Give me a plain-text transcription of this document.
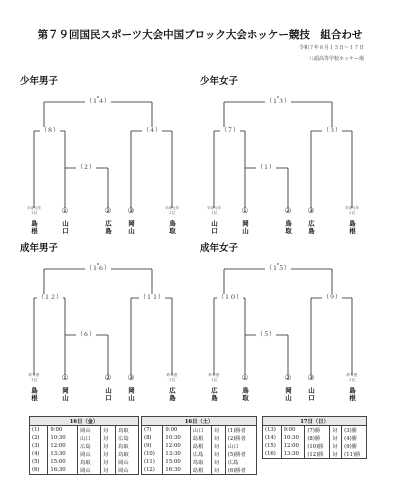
第７９回国民スポーツ大会中国ブロック大会ホッケー競技　組合わせ
令和７年８月１５日～１７日
八頭高等学校ホッケー場
少年男子
（１４）
（８）	（４）
（２）
平成元年
１位
平成元年
２位
①	② ③
島根	山口	広島 岡山	鳥取
少年女子
（１３）
（７）	（３）
（１）
平成元年
１位
平成元年
２位
①	② ③
山口	岡山	鳥取 広島	島根
成年男子
（１６）
（１２）	（１１）
（６）
昨年度
１位
昨年度
２位
①	② ③
島根	岡山	山口 岡山	広島
成年女子
（１５）
（１０）	（９）
（５）
昨年度
１位
昨年度
２位
①	② ③
広島	鳥取	岡山 山口	島根
16日（金）				
(1)	9:00	岡山	対	鳥取
(2)	10:30	山口	対	広島
(3)	12:00	広島	対	鳥取
(4)	13:30	岡山	対	鳥取
(5)	15:00	鳥取	対	岡山
(6)	16:30	岡山	対	岡山
16日（土）				
(7)	9:00	山口	対	(1)勝者
(8)	10:30	島根	対	(2)勝者
(9)	12:00	島根	対	山口
(10)	13:30	広島	対	(5)勝者
(11)	15:00	鳥取	対	広島
(12)	16:30	島根	対	(6)勝者
17日（日）				
(13)	9:00	(7)勝	対	(3)勝
(14)	10:30	(8)勝	対	(4)勝
(15)	12:00	(10)勝	対	(9)勝
(16)	13:30	(12)勝	対	(11)勝
